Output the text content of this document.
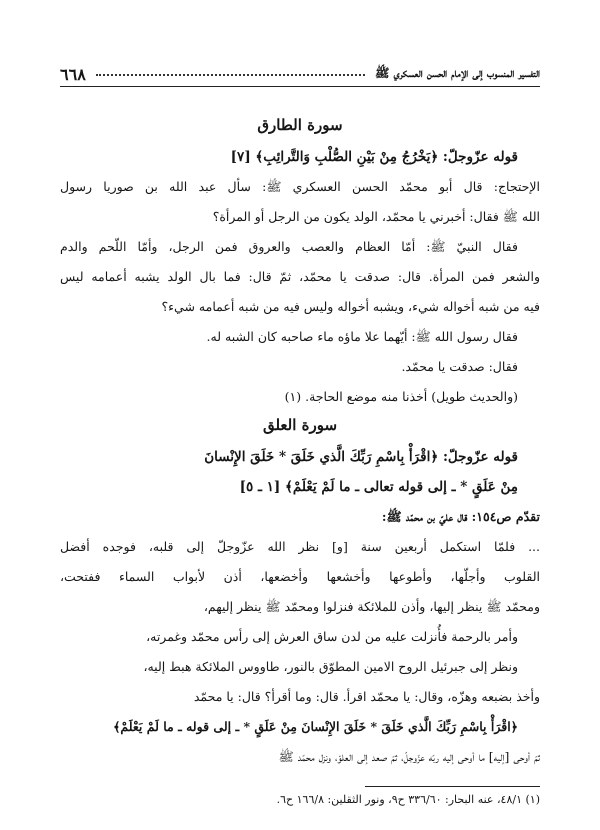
التفسير المنسوب إلى الإمام الحسن العسكري ﷺ
٦٦٨
سورة الطارق
قوله عزّوجلّ: ﴿يَخْرُجُ مِنْ بَيْنِ الصُّلْبِ وَالتَّرائِبِ﴾ [٧]
الإحتجاج: قال أبو محمّد الحسن العسكري ﷺ: سأل عبد الله بن صوريا رسول
الله ﷺ فقال: أخبرني يا محمّد، الولد يكون من الرجل أو المرأة؟
فقال النبيّ ﷺ: أمّا العظام والعصب والعروق فمن الرجل، وأمّا اللّحم والدم
والشعر فمن المرأة. قال: صدقت يا محمّد، ثمّ قال: فما بال الولد يشبه أعمامه ليس
فيه من شبه أخواله شيء، ويشبه أخواله وليس فيه من شبه أعمامه شيء؟
فقال رسول الله ﷺ: أيّهما علا ماؤه ماء صاحبه كان الشبه له.
فقال: صدقت يا محمّد.
(والحديث طويل) أخذنا منه موضع الحاجة. (١)
سورة العلق
قوله عزّوجلّ: ﴿اقْرَأْ بِاسْمِ رَبِّكَ الَّذي خَلَقَ * خَلَقَ الإِنْسانَ
مِنْ عَلَقٍ * ـ إلى قوله تعالى ـ ما لَمْ يَعْلَمْ﴾ [١ ـ ٥]
تقدّم ص١٥٤: قال عليّ بن محمّد ﷺ:
... فلمّا استكمل أربعين سنة [و] نظر الله عزّوجلّ إلى قلبه، فوجده أفضل
القلوب وأجلّها، وأطوعها وأخشعها وأخضعها، أذن لأبواب السماء ففتحت،
ومحمّد ﷺ ينظر إليها، وأذن للملائكة فنزلوا ومحمّد ﷺ ينظر إليهم،
وأمر بالرحمة فأُنزلت عليه من لدن ساق العرش إلى رأس محمّد وغمرته،
ونظر إلى جبرئيل الروح الامين المطوّق بالنور، طاووس الملائكة هبط إليه،
وأخذ بضبعه وهزّه، وقال: يا محمّد اقرأ. قال: وما أقرأ؟ قال: يا محمّد
﴿اقْرَأْ بِاسْمِ رَبِّكَ الَّذي خَلَقَ * خَلَقَ الإِنْسانَ مِنْ عَلَقٍ * ـ إلى قوله ـ ما لَمْ يَعْلَمْ﴾
ثمّ أوحى [إليه] ما أوحى إليه ربّه عزّوجلّ، ثمّ صعد إلى العلوّ، ونزل محمّد ﷺ
(١) ٤٨/١، عنه البحار: ٣٣٦/٦٠ ح٩، ونور الثقلين: ١٦٦/٨ ح٦.
